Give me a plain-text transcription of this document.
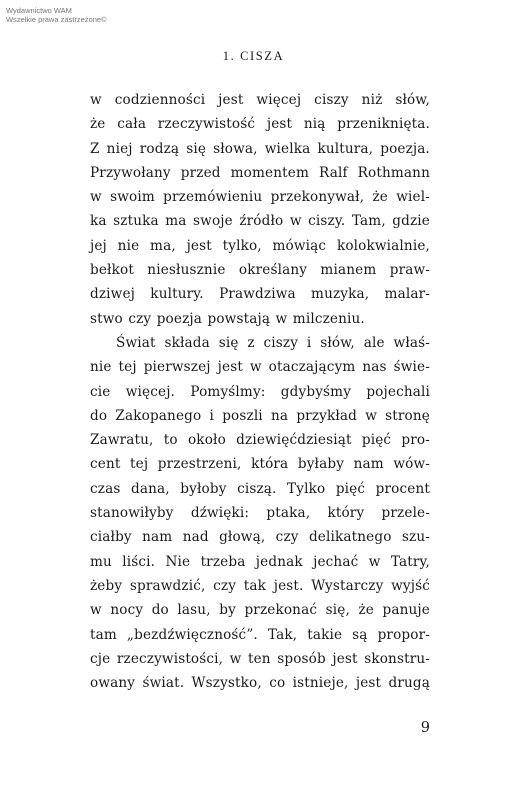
Wydawnictwo WAM
Wszelkie prawa zastrzeżone©
1. CISZA
w codzienności jest więcej ciszy niż słów,
że cała rzeczywistość jest nią przeniknięta.
Z niej rodzą się słowa, wielka kultura, poezja.
Przywołany przed momentem Ralf Rothmann
w swoim przemówieniu przekonywał, że wiel-
ka sztuka ma swoje źródło w ciszy. Tam, gdzie
jej nie ma, jest tylko, mówiąc kolokwialnie,
bełkot niesłusznie określany mianem praw-
dziwej kultury. Prawdziwa muzyka, malar-
stwo czy poezja powstają w milczeniu.
Świat składa się z ciszy i słów, ale właś-
nie tej pierwszej jest w otaczającym nas świe-
cie więcej. Pomyślmy: gdybyśmy pojechali
do Zakopanego i poszli na przykład w stronę
Zawratu, to około dziewięćdziesiąt pięć pro-
cent tej przestrzeni, która byłaby nam wów-
czas dana, byłoby ciszą. Tylko pięć procent
stanowiłyby dźwięki: ptaka, który przele-
ciałby nam nad głową, czy delikatnego szu-
mu liści. Nie trzeba jednak jechać w Tatry,
żeby sprawdzić, czy tak jest. Wystarczy wyjść
w nocy do lasu, by przekonać się, że panuje
tam „bezdźwięczność”. Tak, takie są propor-
cje rzeczywistości, w ten sposób jest skonstru-
owany świat. Wszystko, co istnieje, jest drugą
9
